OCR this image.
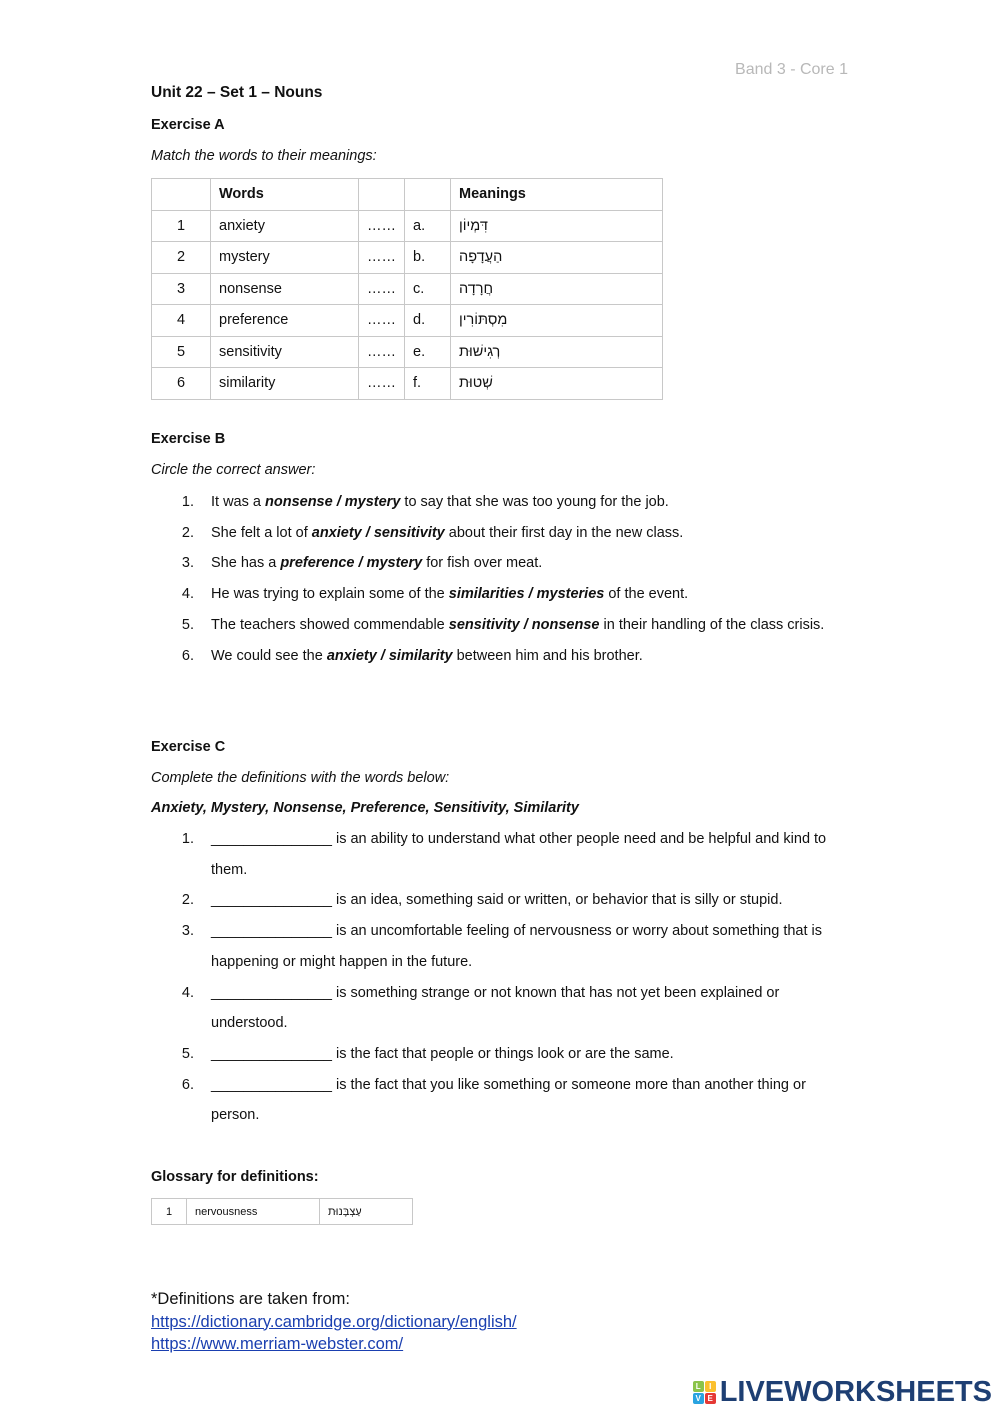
Band 3 - Core 1
Unit 22 – Set 1 – Nouns
Exercise A
Match the words to their meanings:
	Words			Meanings
1	anxiety	……	a.	דִּמְיוֹן
2	mystery	……	b.	הַעֲדָפָה
3	nonsense	……	c.	חֲרָדָה
4	preference	……	d.	מִסְתּוֹרִין
5	sensitivity	……	e.	רְגִישׁוּת
6	similarity	……	f.	שְׁטוּת
Exercise B
Circle the correct answer:
1.	It was a nonsense / mystery to say that she was too young for the job.
2.	She felt a lot of anxiety / sensitivity about their first day in the new class.
3.	She has a preference / mystery for fish over meat.
4.	He was trying to explain some of the similarities / mysteries of the event.
5.	The teachers showed commendable sensitivity / nonsense in their handling of the class crisis.
6.	We could see the anxiety / similarity between him and his brother.
Exercise C
Complete the definitions with the words below:
Anxiety, Mystery, Nonsense, Preference, Sensitivity, Similarity
1.	_______________ is an ability to understand what other people need and be helpful and kind to them.
2.	_______________ is an idea, something said or written, or behavior that is silly or stupid.
3.	_______________ is an uncomfortable feeling of nervousness or worry about something that is happening or might happen in the future.
4.	_______________ is something strange or not known that has not yet been explained or understood.
5.	_______________ is the fact that people or things look or are the same.
6.	_______________ is the fact that you like something or someone more than another thing or person.
Glossary for definitions:
1	nervousness	עַצְבָּנוּת
*Definitions are taken from:
https://dictionary.cambridge.org/dictionary/english/
https://www.merriam-webster.com/
L	I
V E LIVEWORKSHEETS
